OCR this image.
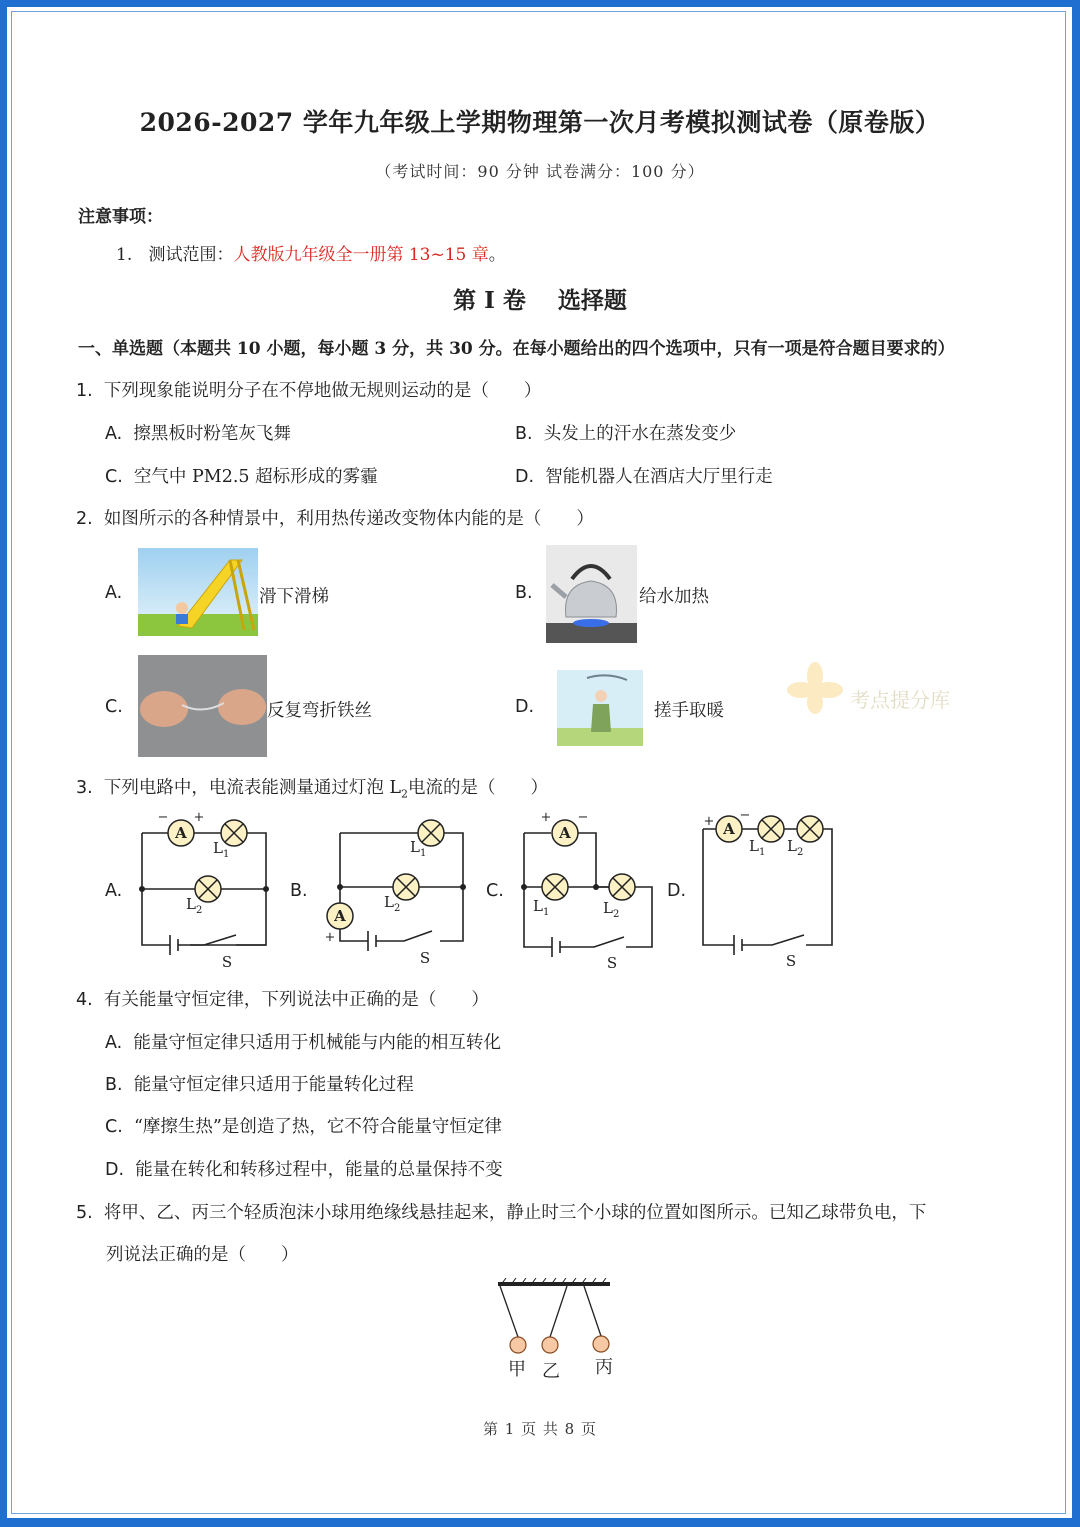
2026-2027 学年九年级上学期物理第一次月考模拟测试卷（原卷版）
（考试时间：90 分钟 试卷满分：100 分）
注意事项：
1. 测试范围：人教版九年级全一册第 13~15 章。
第 I 卷    选择题
一、单选题（本题共 10 小题，每小题 3 分，共 30 分。在每小题给出的四个选项中，只有一项是符合题目要求的）
1. 下列现象能说明分子在不停地做无规则运动的是（　　）
A. 擦黑板时粉笔灰飞舞	B. 头发上的汗水在蒸发变少
C. 空气中 PM2.5 超标形成的雾霾	D. 智能机器人在酒店大厅里行走
2. 如图所示的各种情景中，利用热传递改变物体内能的是（　　）
A.	滑下滑梯	B.	给水加热
C.	反复弯折铁丝	D.	搓手取暖	考点提分库
3. 下列电路中，电流表能测量通过灯泡 $L_2$电流的是（　　）
A.	B.	C.	D.
A
A
A	A
− +
+
+ −	+ −
$L_1$
$L_2$
$L_1$
$L_2$	$L_1$	$L_2$
$L_1$ $L_2$
S	S	S	S
4. 有关能量守恒定律，下列说法中正确的是（　　）
A. 能量守恒定律只适用于机械能与内能的相互转化
B. 能量守恒定律只适用于能量转化过程
C. “摩擦生热”是创造了热，它不符合能量守恒定律
D. 能量在转化和转移过程中，能量的总量保持不变
5. 将甲、乙、丙三个轻质泡沫小球用绝缘线悬挂起来，静止时三个小球的位置如图所示。已知乙球带负电，下
列说法正确的是（　　）
甲 乙 丙
第 1 页 共 8 页
